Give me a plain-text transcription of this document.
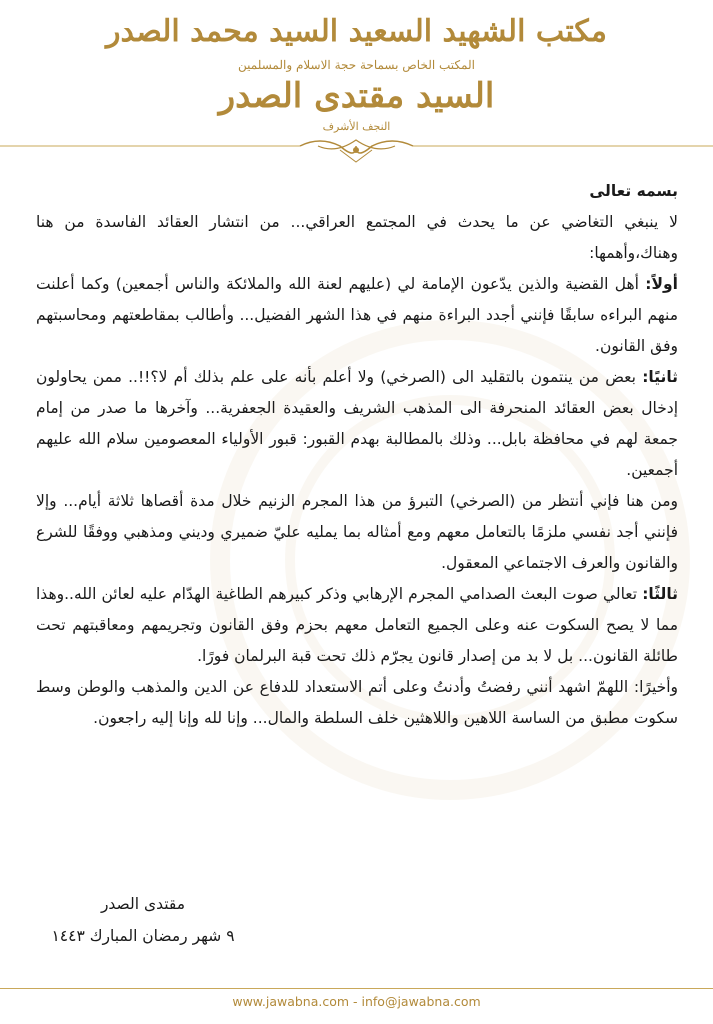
مكتب الشهيد السعيد السيد محمد الصدر
المكتب الخاص بسماحة حجة الاسلام والمسلمين
السيد مقتدى الصدر
النجف الأشرف

بسمه تعالى

لا ينبغي التغاضي عن ما يحدث في المجتمع العراقي... من انتشار العقائد الفاسدة من هنا وهناك،وأهمها:

أولاً: أهل القضية والذين يدّعون الإمامة لي (عليهم لعنة الله والملائكة والناس أجمعين) وكما أعلنت منهم البراءه سابقًا فإنني أجدد البراءة منهم في هذا الشهر الفضيل... وأطالب بمقاطعتهم ومحاسبتهم وفق القانون.

ثانيًا: بعض من ينتمون بالتقليد الى (الصرخي) ولا أعلم بأنه على علم بذلك أم لا؟!!.. ممن يحاولون إدخال بعض العقائد المنحرفة الى المذهب الشريف والعقيدة الجعفرية... وآخرها ما صدر من إمام جمعة لهم في محافظة بابل... وذلك بالمطالبة بهدم القبور: قبور الأولياء المعصومين سلام الله عليهم أجمعين.

ومن هنا فإني أنتظر من (الصرخي) التبرؤ من هذا المجرم الزنيم خلال مدة أقصاها ثلاثة أيام... وإلا فإنني أجد نفسي ملزمًا بالتعامل معهم ومع أمثاله بما يمليه عليّ ضميري وديني ومذهبي ووفقًا للشرع والقانون والعرف الاجتماعي المعقول.

ثالثًا: تعالي صوت البعث الصدامي المجرم الإرهابي وذكر كبيرهم الطاغية الهدّام عليه لعائن الله..وهذا مما لا يصح السكوت عنه وعلى الجميع التعامل معهم بحزم وفق القانون وتجريمهم ومعاقبتهم تحت طائلة القانون... بل لا بد من إصدار قانون يجرّم ذلك تحت قبة البرلمان فورًا.

وأخيرًا: اللهمّ اشهد أنني رفضتُ وأدنتُ وعلى أتم الاستعداد للدفاع عن الدين والمذهب والوطن وسط سكوت مطبق من الساسة اللاهين واللاهثين خلف السلطة والمال... وإنا لله وإنا إليه راجعون.

مقتدى الصدر
٩ شهر رمضان المبارك ١٤٤٣
www.jawabna.com - info@jawabna.com
